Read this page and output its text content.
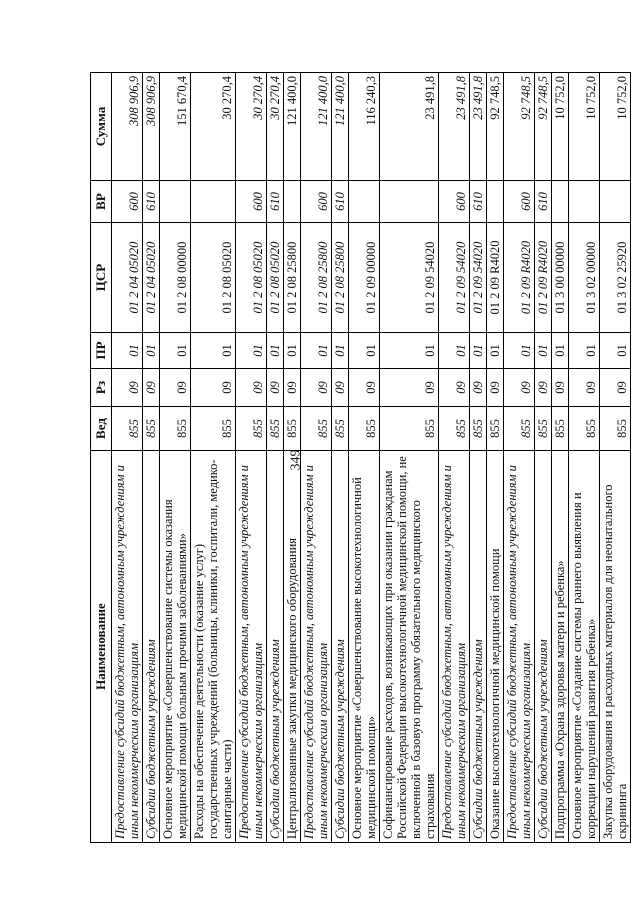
349
Наименование	Вед	Рз	ПР	ЦСР	ВР	Сумма
Предоставление субсидий бюджетным, автономным учреждениям и иным некоммерческим организациям	855	09	01	01 2 04 05020	600	308 906,9
Субсидии бюджетным учреждениям	855	09	01	01 2 04 05020	610	308 906,9
Основное мероприятие «Совершенствование системы оказания медицинской помощи больным прочими заболеваниями»	855	09	01	01 2 08 00000		151 670,4
Расходы на обеспечение деятельности (оказание услуг) государственных учреждений (больницы, клиники, госпитали, медико-санитарные части)	855	09	01	01 2 08 05020		30 270,4
Предоставление субсидий бюджетным, автономным учреждениям и иным некоммерческим организациям	855	09	01	01 2 08 05020	600	30 270,4
Субсидии бюджетным учреждениям	855	09	01	01 2 08 05020	610	30 270,4
Централизованные закупки медицинского оборудования	855	09	01	01 2 08 25800		121 400,0
Предоставление субсидий бюджетным, автономным учреждениям и иным некоммерческим организациям	855	09	01	01 2 08 25800	600	121 400,0
Субсидии бюджетным учреждениям	855	09	01	01 2 08 25800	610	121 400,0
Основное мероприятие «Совершенствование высокотехнологичной медицинской помощи»	855	09	01	01 2 09 00000		116 240,3
Софинансирование расходов, возникающих при оказании гражданам Российской Федерации высокотехнологичной медицинской помощи, не включенной в базовую программу обязательного медицинского страхования	855	09	01	01 2 09 54020		23 491,8
Предоставление субсидий бюджетным, автономным учреждениям и иным некоммерческим организациям	855	09	01	01 2 09 54020	600	23 491,8
Субсидии бюджетным учреждениям	855	09	01	01 2 09 54020	610	23 491,8
Оказание высокотехнологичной медицинской помощи	855	09	01	01 2 09 R4020		92 748,5
Предоставление субсидий бюджетным, автономным учреждениям и иным некоммерческим организациям	855	09	01	01 2 09 R4020	600	92 748,5
Субсидии бюджетным учреждениям	855	09	01	01 2 09 R4020	610	92 748,5
Подпрограмма «Охрана здоровья матери и ребенка»	855	09	01	01 3 00 00000		10 752,0
Основное мероприятие «Создание системы раннего выявления и коррекции нарушений развития ребенка»	855	09	01	01 3 02 00000		10 752,0
Закупка оборудования и расходных материалов для неонатального скрининга	855	09	01	01 3 02 25920		10 752,0
